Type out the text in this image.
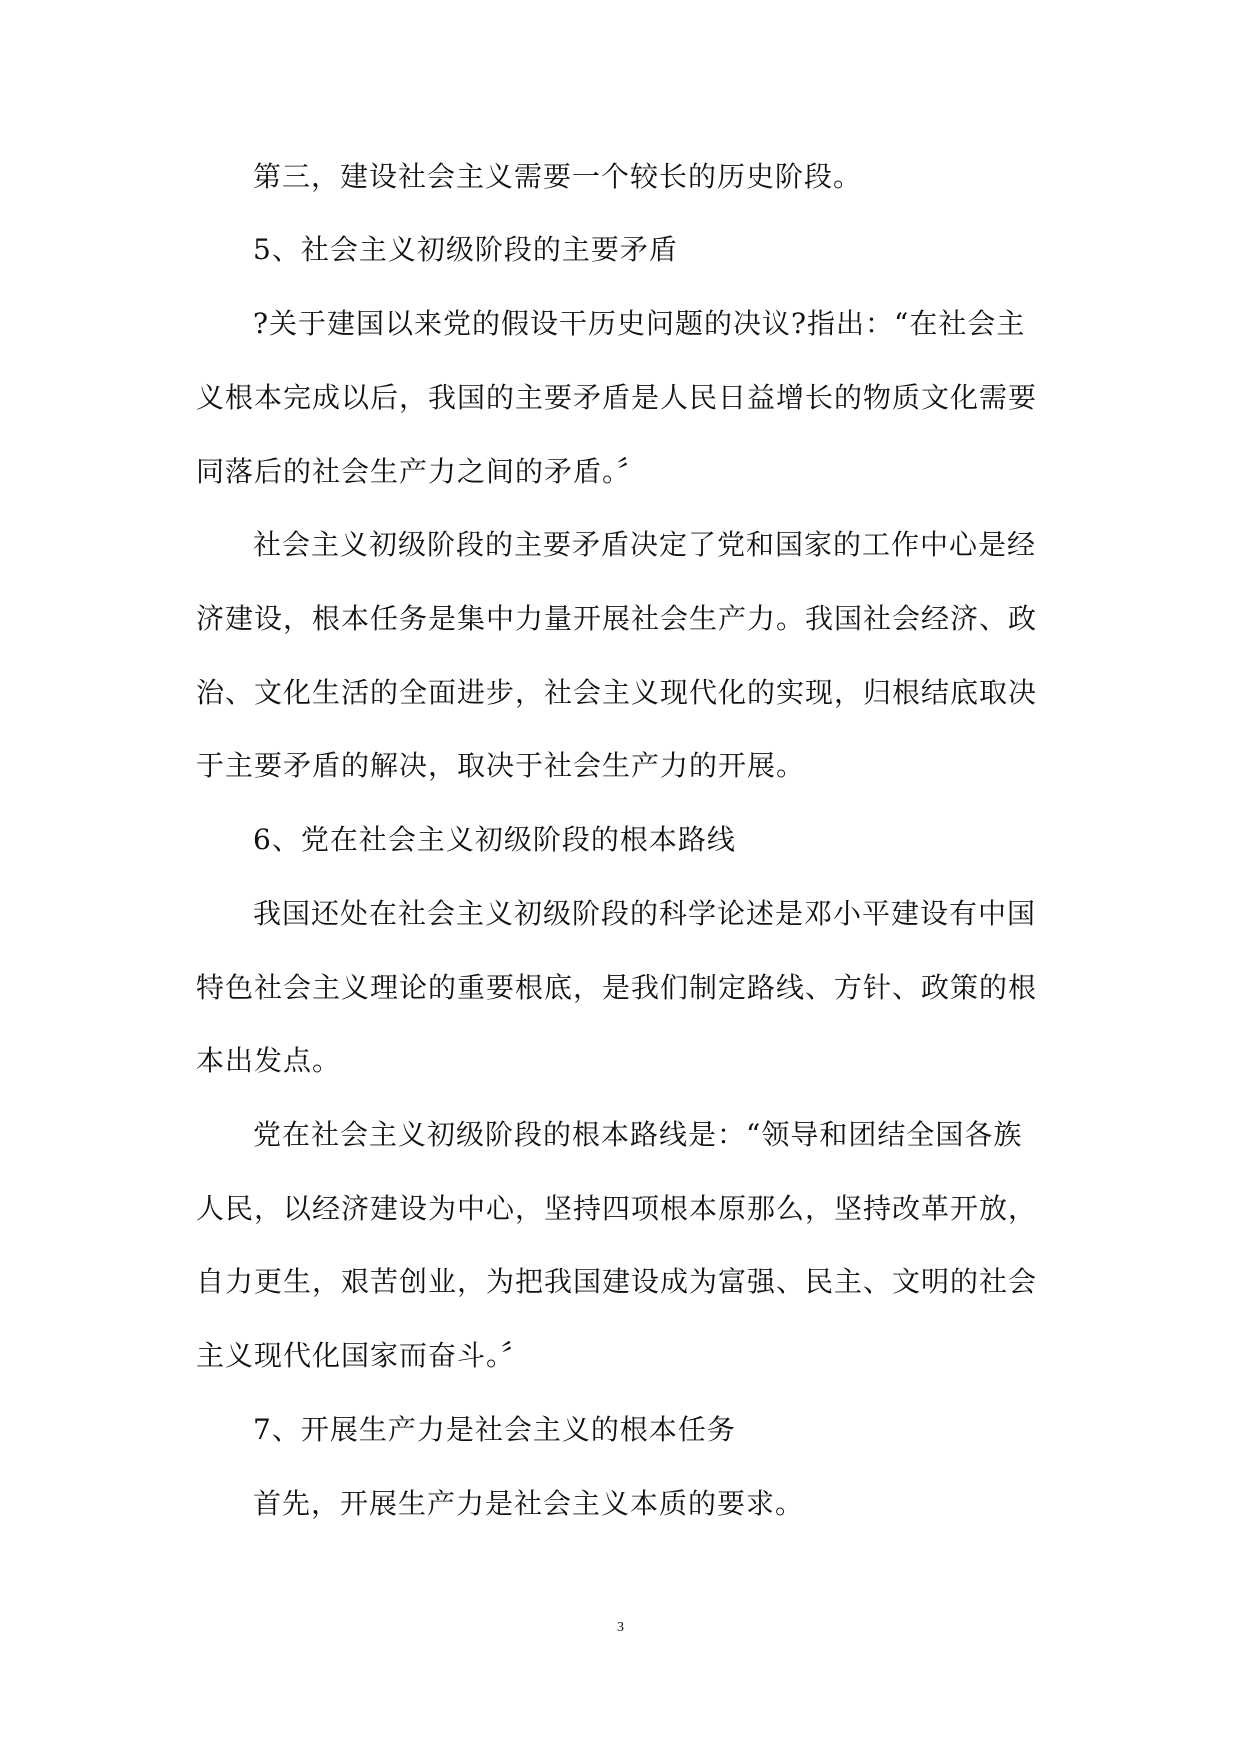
第三，建设社会主义需要一个较长的历史阶段。
5、社会主义初级阶段的主要矛盾
?关于建国以来党的假设干历史问题的决议?指出：“在社会主
义根本完成以后，我国的主要矛盾是人民日益增长的物质文化需要
同落后的社会生产力之间的矛盾。〞
社会主义初级阶段的主要矛盾决定了党和国家的工作中心是经
济建设，根本任务是集中力量开展社会生产力。我国社会经济、政
治、文化生活的全面进步，社会主义现代化的实现，归根结底取决
于主要矛盾的解决，取决于社会生产力的开展。
6、党在社会主义初级阶段的根本路线
我国还处在社会主义初级阶段的科学论述是邓小平建设有中国
特色社会主义理论的重要根底，是我们制定路线、方针、政策的根
本出发点。
党在社会主义初级阶段的根本路线是：“领导和团结全国各族
人民，以经济建设为中心，坚持四项根本原那么，坚持改革开放，
自力更生，艰苦创业，为把我国建设成为富强、民主、文明的社会
主义现代化国家而奋斗。〞
7、开展生产力是社会主义的根本任务
首先，开展生产力是社会主义本质的要求。
3
